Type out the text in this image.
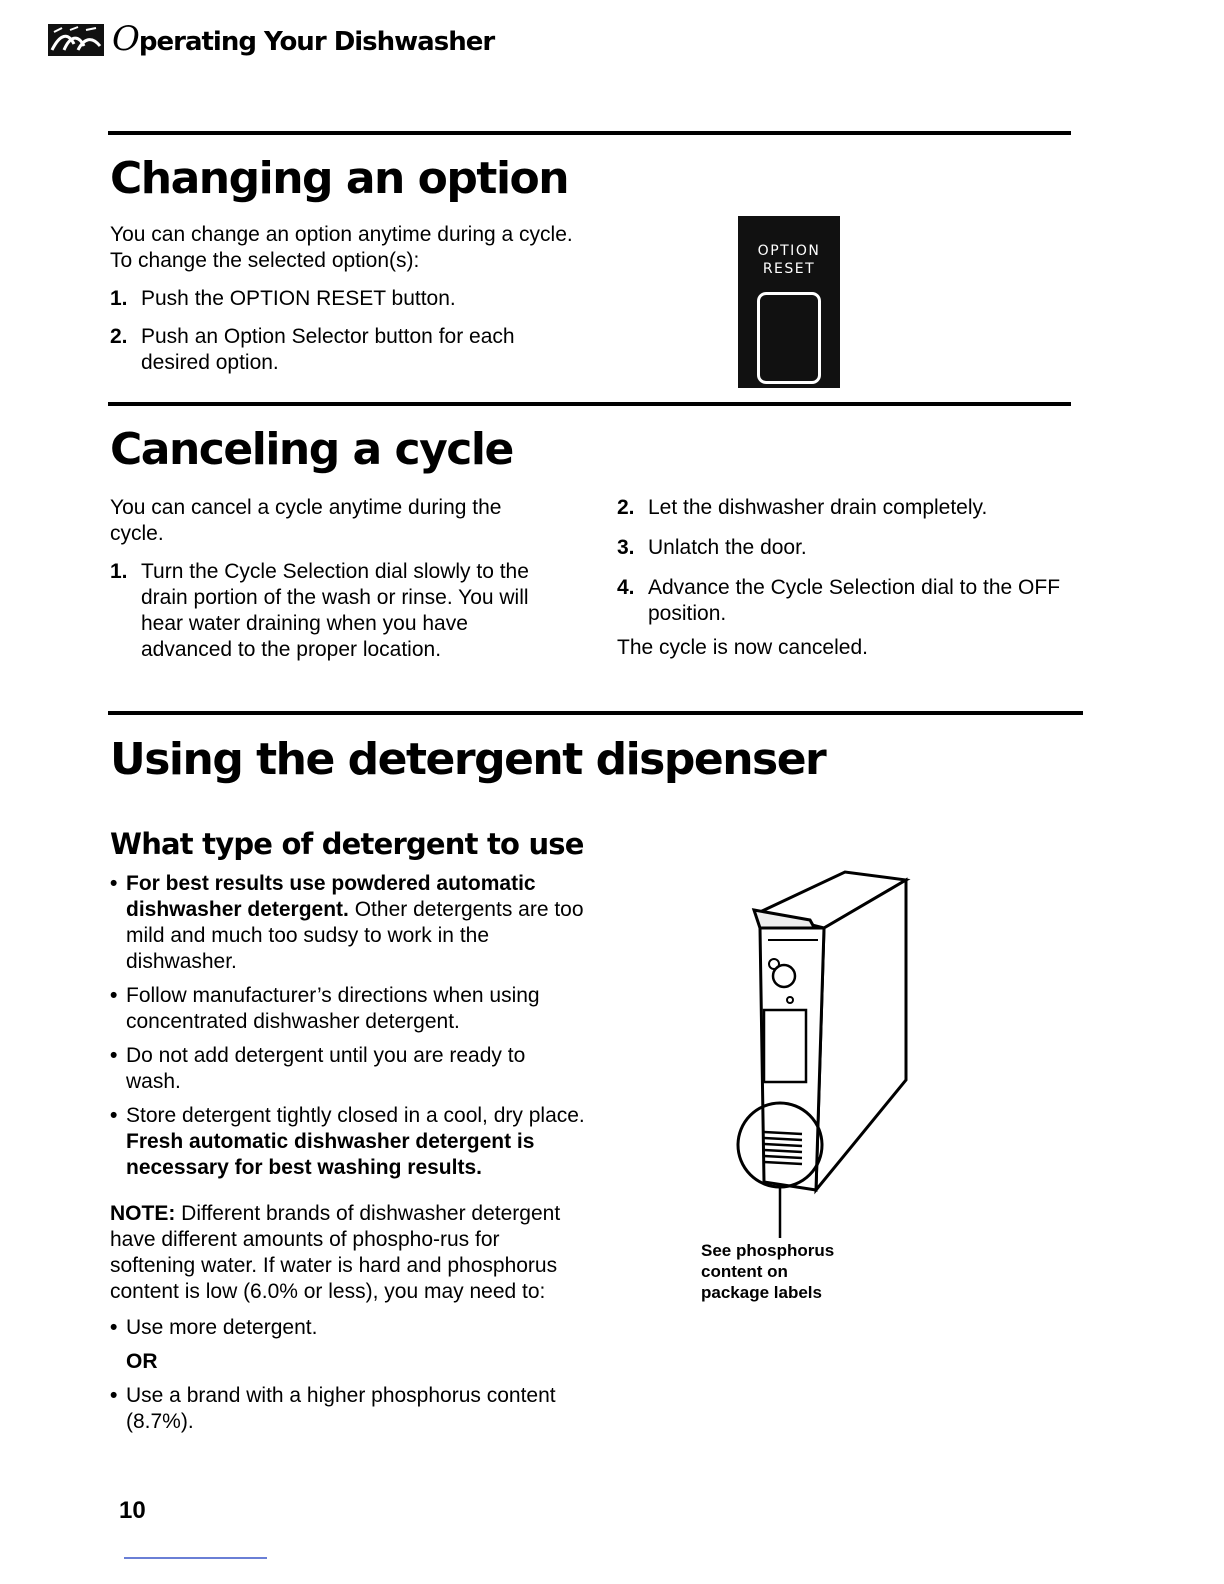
Operating Your Dishwasher
Changing an option
You can change an option anytime during a cycle. To change the selected option(s):
1. Push the OPTION RESET button.
2. Push an Option Selector button for each desired option.
OPTION
RESET
Canceling a cycle
You can cancel a cycle anytime during the cycle.
1. Turn the Cycle Selection dial slowly to the drain portion of the wash or rinse. You will hear water draining when you have advanced to the proper location.
2. Let the dishwasher drain completely.
3. Unlatch the door.
4. Advance the Cycle Selection dial to the OFF position.
The cycle is now canceled.
Using the detergent dispenser
What type of detergent to use
• For best results use powdered automatic dishwasher detergent. Other detergents are too mild and much too sudsy to work in the dishwasher.
• Follow manufacturer’s directions when using concentrated dishwasher detergent.
• Do not add detergent until you are ready to wash.
• Store detergent tightly closed in a cool, dry place. Fresh automatic dishwasher detergent is necessary for best washing results.
NOTE: Different brands of dishwasher detergent have different amounts of phospho-rus for softening water. If water is hard and phosphorus content is low (6.0% or less), you may need to:
• Use more detergent.
OR
• Use a brand with a higher phosphorus content (8.7%).
See phosphorus
content on
package labels
10
